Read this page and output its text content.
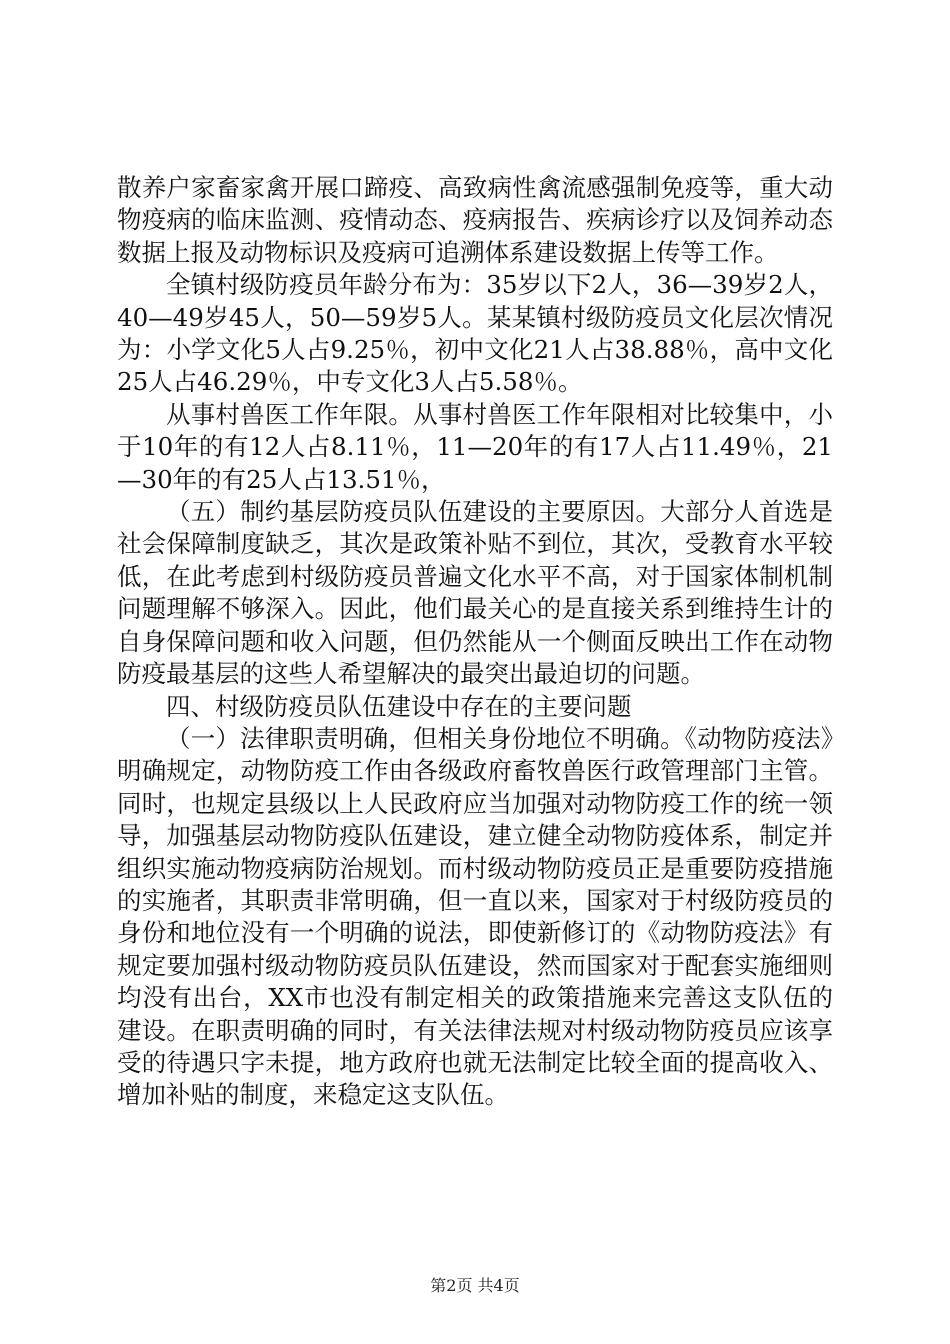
散养户家畜家禽开展口蹄疫、高致病性禽流感强制免疫等，重大动物疫病的临床监测、疫情动态、疫病报告、疾病诊疗以及饲养动态数据上报及动物标识及疫病可追溯体系建设数据上传等工作。

全镇村级防疫员年龄分布为：35岁以下2人，36—39岁2人，40—49岁45人，50—59岁5人。某某镇村级防疫员文化层次情况为：小学文化5人占9.25％，初中文化21人占38.88％，高中文化25人占46.29％，中专文化3人占5.58％。

从事村兽医工作年限。从事村兽医工作年限相对比较集中，小于10年的有12人占8.11％，11—20年的有17人占11.49％，21—30年的有25人占13.51％，

（五）制约基层防疫员队伍建设的主要原因。大部分人首选是社会保障制度缺乏，其次是政策补贴不到位，其次，受教育水平较低，在此考虑到村级防疫员普遍文化水平不高，对于国家体制机制问题理解不够深入。因此，他们最关心的是直接关系到维持生计的自身保障问题和收入问题，但仍然能从一个侧面反映出工作在动物防疫最基层的这些人希望解决的最突出最迫切的问题。

四、村级防疫员队伍建设中存在的主要问题

（一）法律职责明确，但相关身份地位不明确。《动物防疫法》明确规定，动物防疫工作由各级政府畜牧兽医行政管理部门主管。同时，也规定县级以上人民政府应当加强对动物防疫工作的统一领导，加强基层动物防疫队伍建设，建立健全动物防疫体系，制定并组织实施动物疫病防治规划。而村级动物防疫员正是重要防疫措施的实施者，其职责非常明确，但一直以来，国家对于村级防疫员的身份和地位没有一个明确的说法，即使新修订的《动物防疫法》有规定要加强村级动物防疫员队伍建设，然而国家对于配套实施细则均没有出台，XX市也没有制定相关的政策措施来完善这支队伍的建设。在职责明确的同时，有关法律法规对村级动物防疫员应该享受的待遇只字未提，地方政府也就无法制定比较全面的提高收入、增加补贴的制度，来稳定这支队伍。

第2页 共4页
